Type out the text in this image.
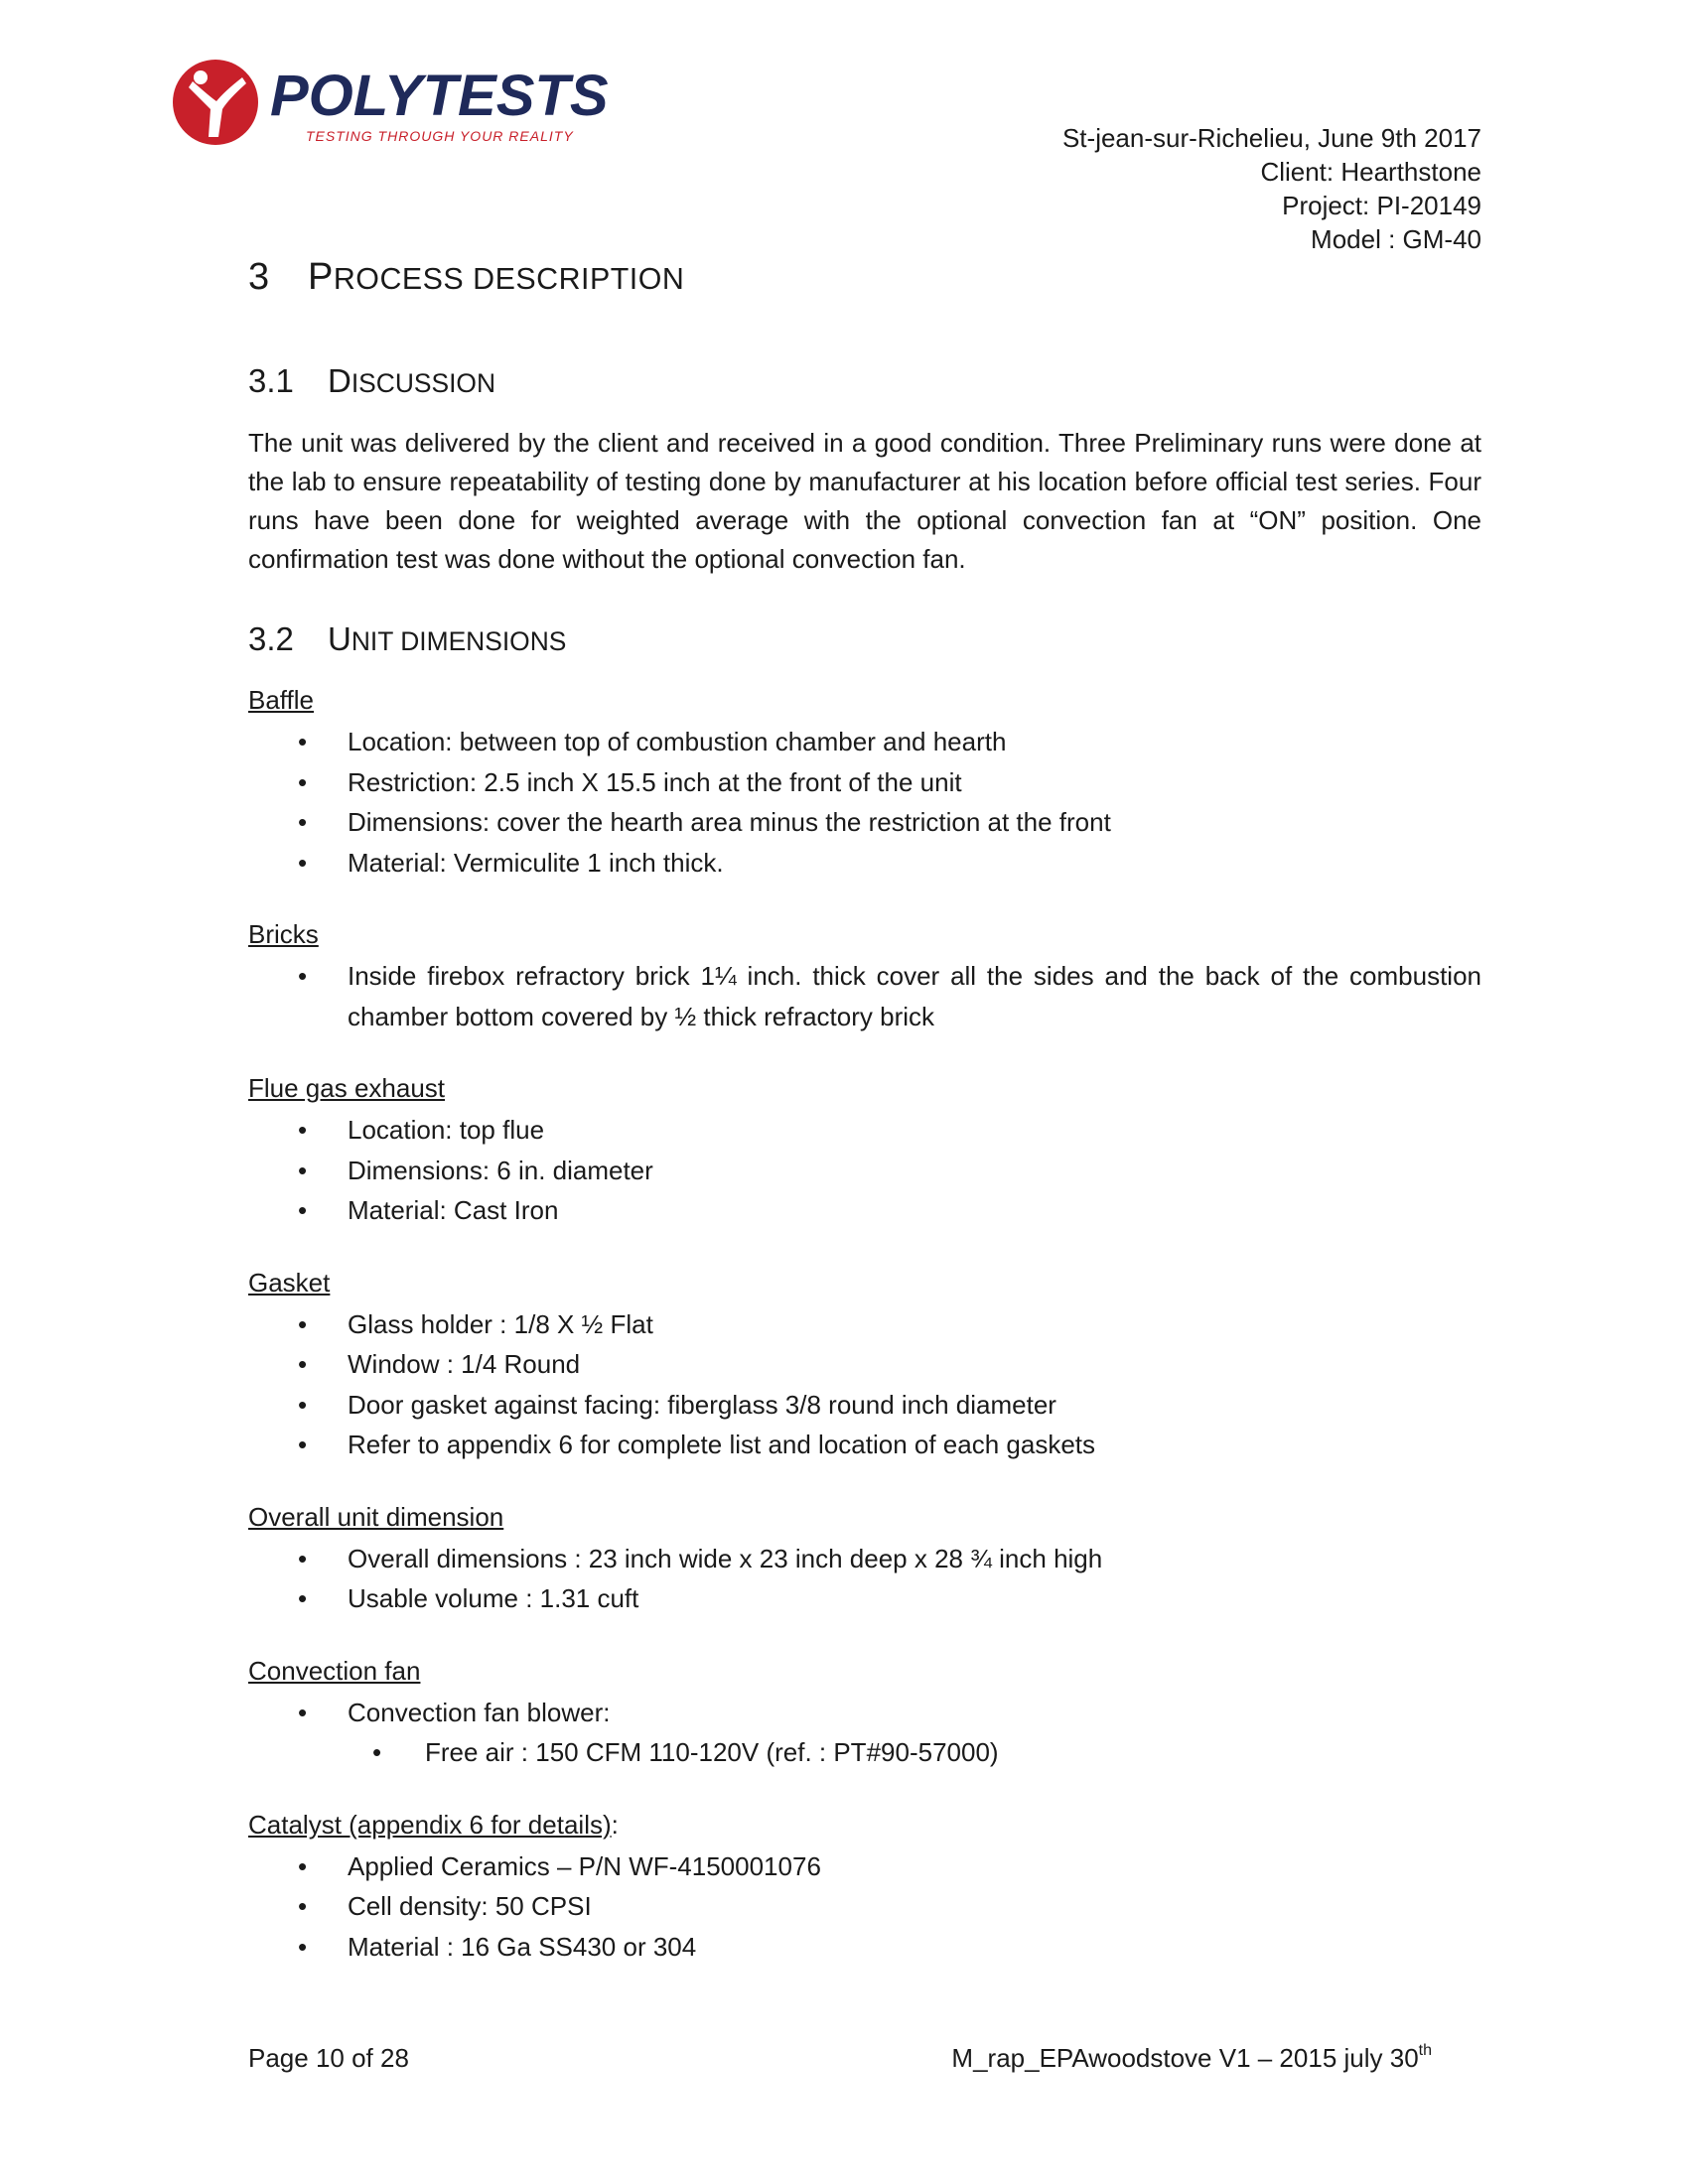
POLYTESTS
TESTING THROUGH YOUR REALITY	St-jean-sur-Richelieu, June 9th 2017
Client: Hearthstone
Project: PI-20149
Model : GM-40
3	PROCESS DESCRIPTION
3.1	DISCUSSION

The unit was delivered by the client and received in a good condition. Three Preliminary runs were done at the lab to ensure repeatability of testing done by manufacturer at his location before official test series. Four runs have been done for weighted average with the optional convection fan at “ON” position. One confirmation test was done without the optional convection fan.

3.2	UNIT DIMENSIONS
Baffle
• Location: between top of combustion chamber and hearth
• Restriction: 2.5 inch X 15.5 inch at the front of the unit
• Dimensions: cover the hearth area minus the restriction at the front
• Material: Vermiculite 1 inch thick.
Bricks
• Inside firebox refractory brick 1¼ inch. thick cover all the sides and the back of the combustion chamber bottom covered by ½ thick refractory brick
Flue gas exhaust
• Location: top flue
• Dimensions: 6 in. diameter
• Material: Cast Iron
Gasket
• Glass holder : 1/8 X ½ Flat
• Window : 1/4 Round
• Door gasket against facing: fiberglass 3/8 round inch diameter
• Refer to appendix 6 for complete list and location of each gaskets
Overall unit dimension
• Overall dimensions : 23 inch wide x 23 inch deep x 28 ¾ inch high
• Usable volume : 1.31 cuft
Convection fan
• Convection fan blower:
• Free air : 150 CFM 110-120V (ref. : PT#90-57000)
Catalyst (appendix 6 for details):
• Applied Ceramics – P/N WF-4150001076
• Cell density: 50 CPSI
• Material : 16 Ga SS430 or 304
Page 10 of 28	M_rap_EPAwoodstove V1 – 2015 july 30th
